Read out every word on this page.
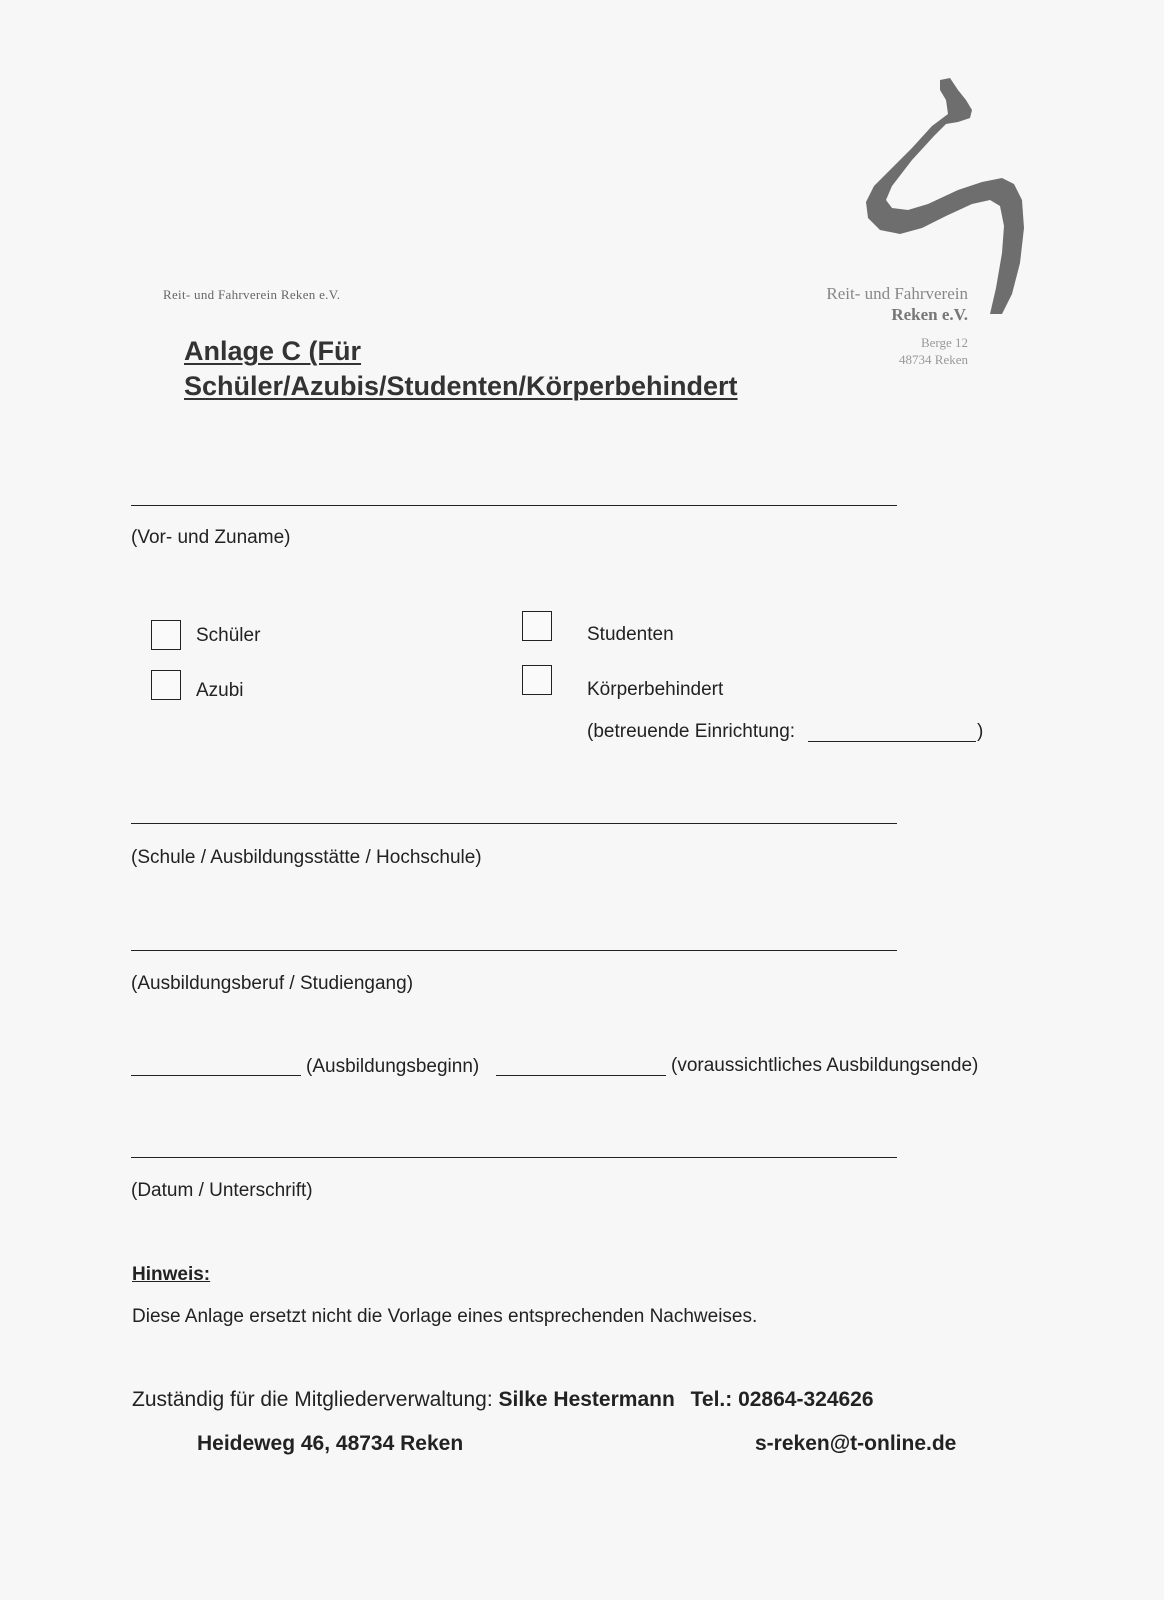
Reit- und Fahrverein Reken e.V.	Reit- und Fahrverein
Reken e.V.
Berge 12
48734 Reken
Anlage C (Für
Schüler/Azubis/Studenten/Körperbehindert
(Vor- und Zuname)
Schüler
Azubi
Studenten
Körperbehindert
(betreuende Einrichtung:	)
(Schule / Ausbildungsstätte / Hochschule)
(Ausbildungsberuf / Studiengang)
(Ausbildungsbeginn)	(voraussichtliches Ausbildungsende)
(Datum / Unterschrift)
Hinweis:
Diese Anlage ersetzt nicht die Vorlage eines entsprechenden Nachweises.
Zuständig für die Mitgliederverwaltung: Silke Hestermann Tel.: 02864-324626
Heideweg 46, 48734 Reken	s-reken@t-online.de
